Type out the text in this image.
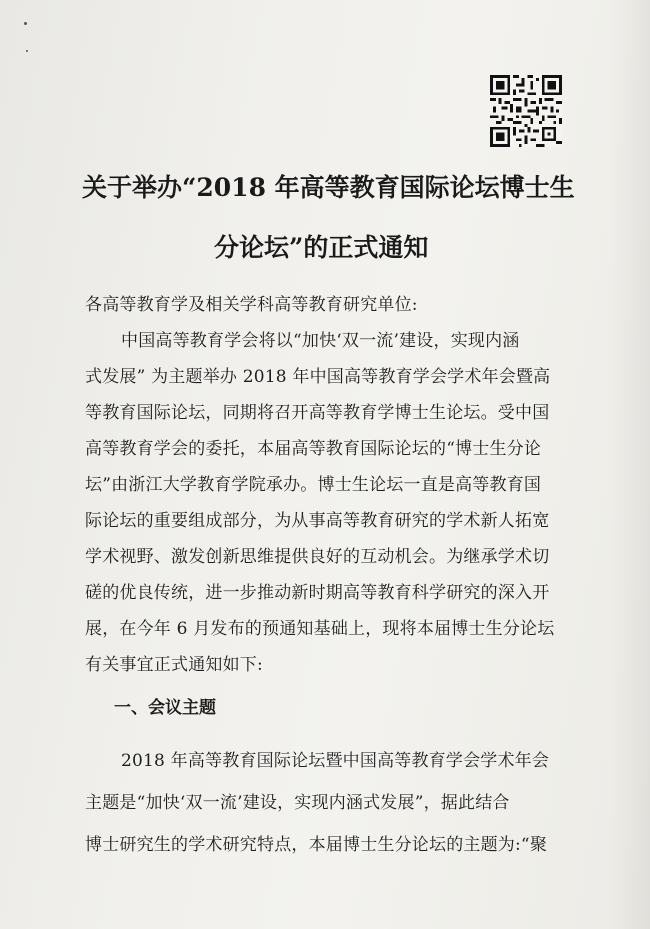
关于举办“2018 年高等教育国际论坛博士生
分论坛”的正式通知
各高等教育学及相关学科高等教育研究单位:
中国高等教育学会将以“加快‘双一流’建设，实现内涵
式发展” 为主题举办 2018 年中国高等教育学会学术年会暨高
等教育国际论坛，同期将召开高等教育学博士生论坛。受中国
高等教育学会的委托，本届高等教育国际论坛的“博士生分论
坛”由浙江大学教育学院承办。博士生论坛一直是高等教育国
际论坛的重要组成部分，为从事高等教育研究的学术新人拓宽
学术视野、激发创新思维提供良好的互动机会。为继承学术切
磋的优良传统，进一步推动新时期高等教育科学研究的深入开
展，在今年 6 月发布的预通知基础上，现将本届博士生分论坛
有关事宜正式通知如下:
一、会议主题
2018 年高等教育国际论坛暨中国高等教育学会学术年会
主题是“加快‘双一流’建设，实现内涵式发展”，据此结合
博士研究生的学术研究特点，本届博士生分论坛的主题为:“聚
